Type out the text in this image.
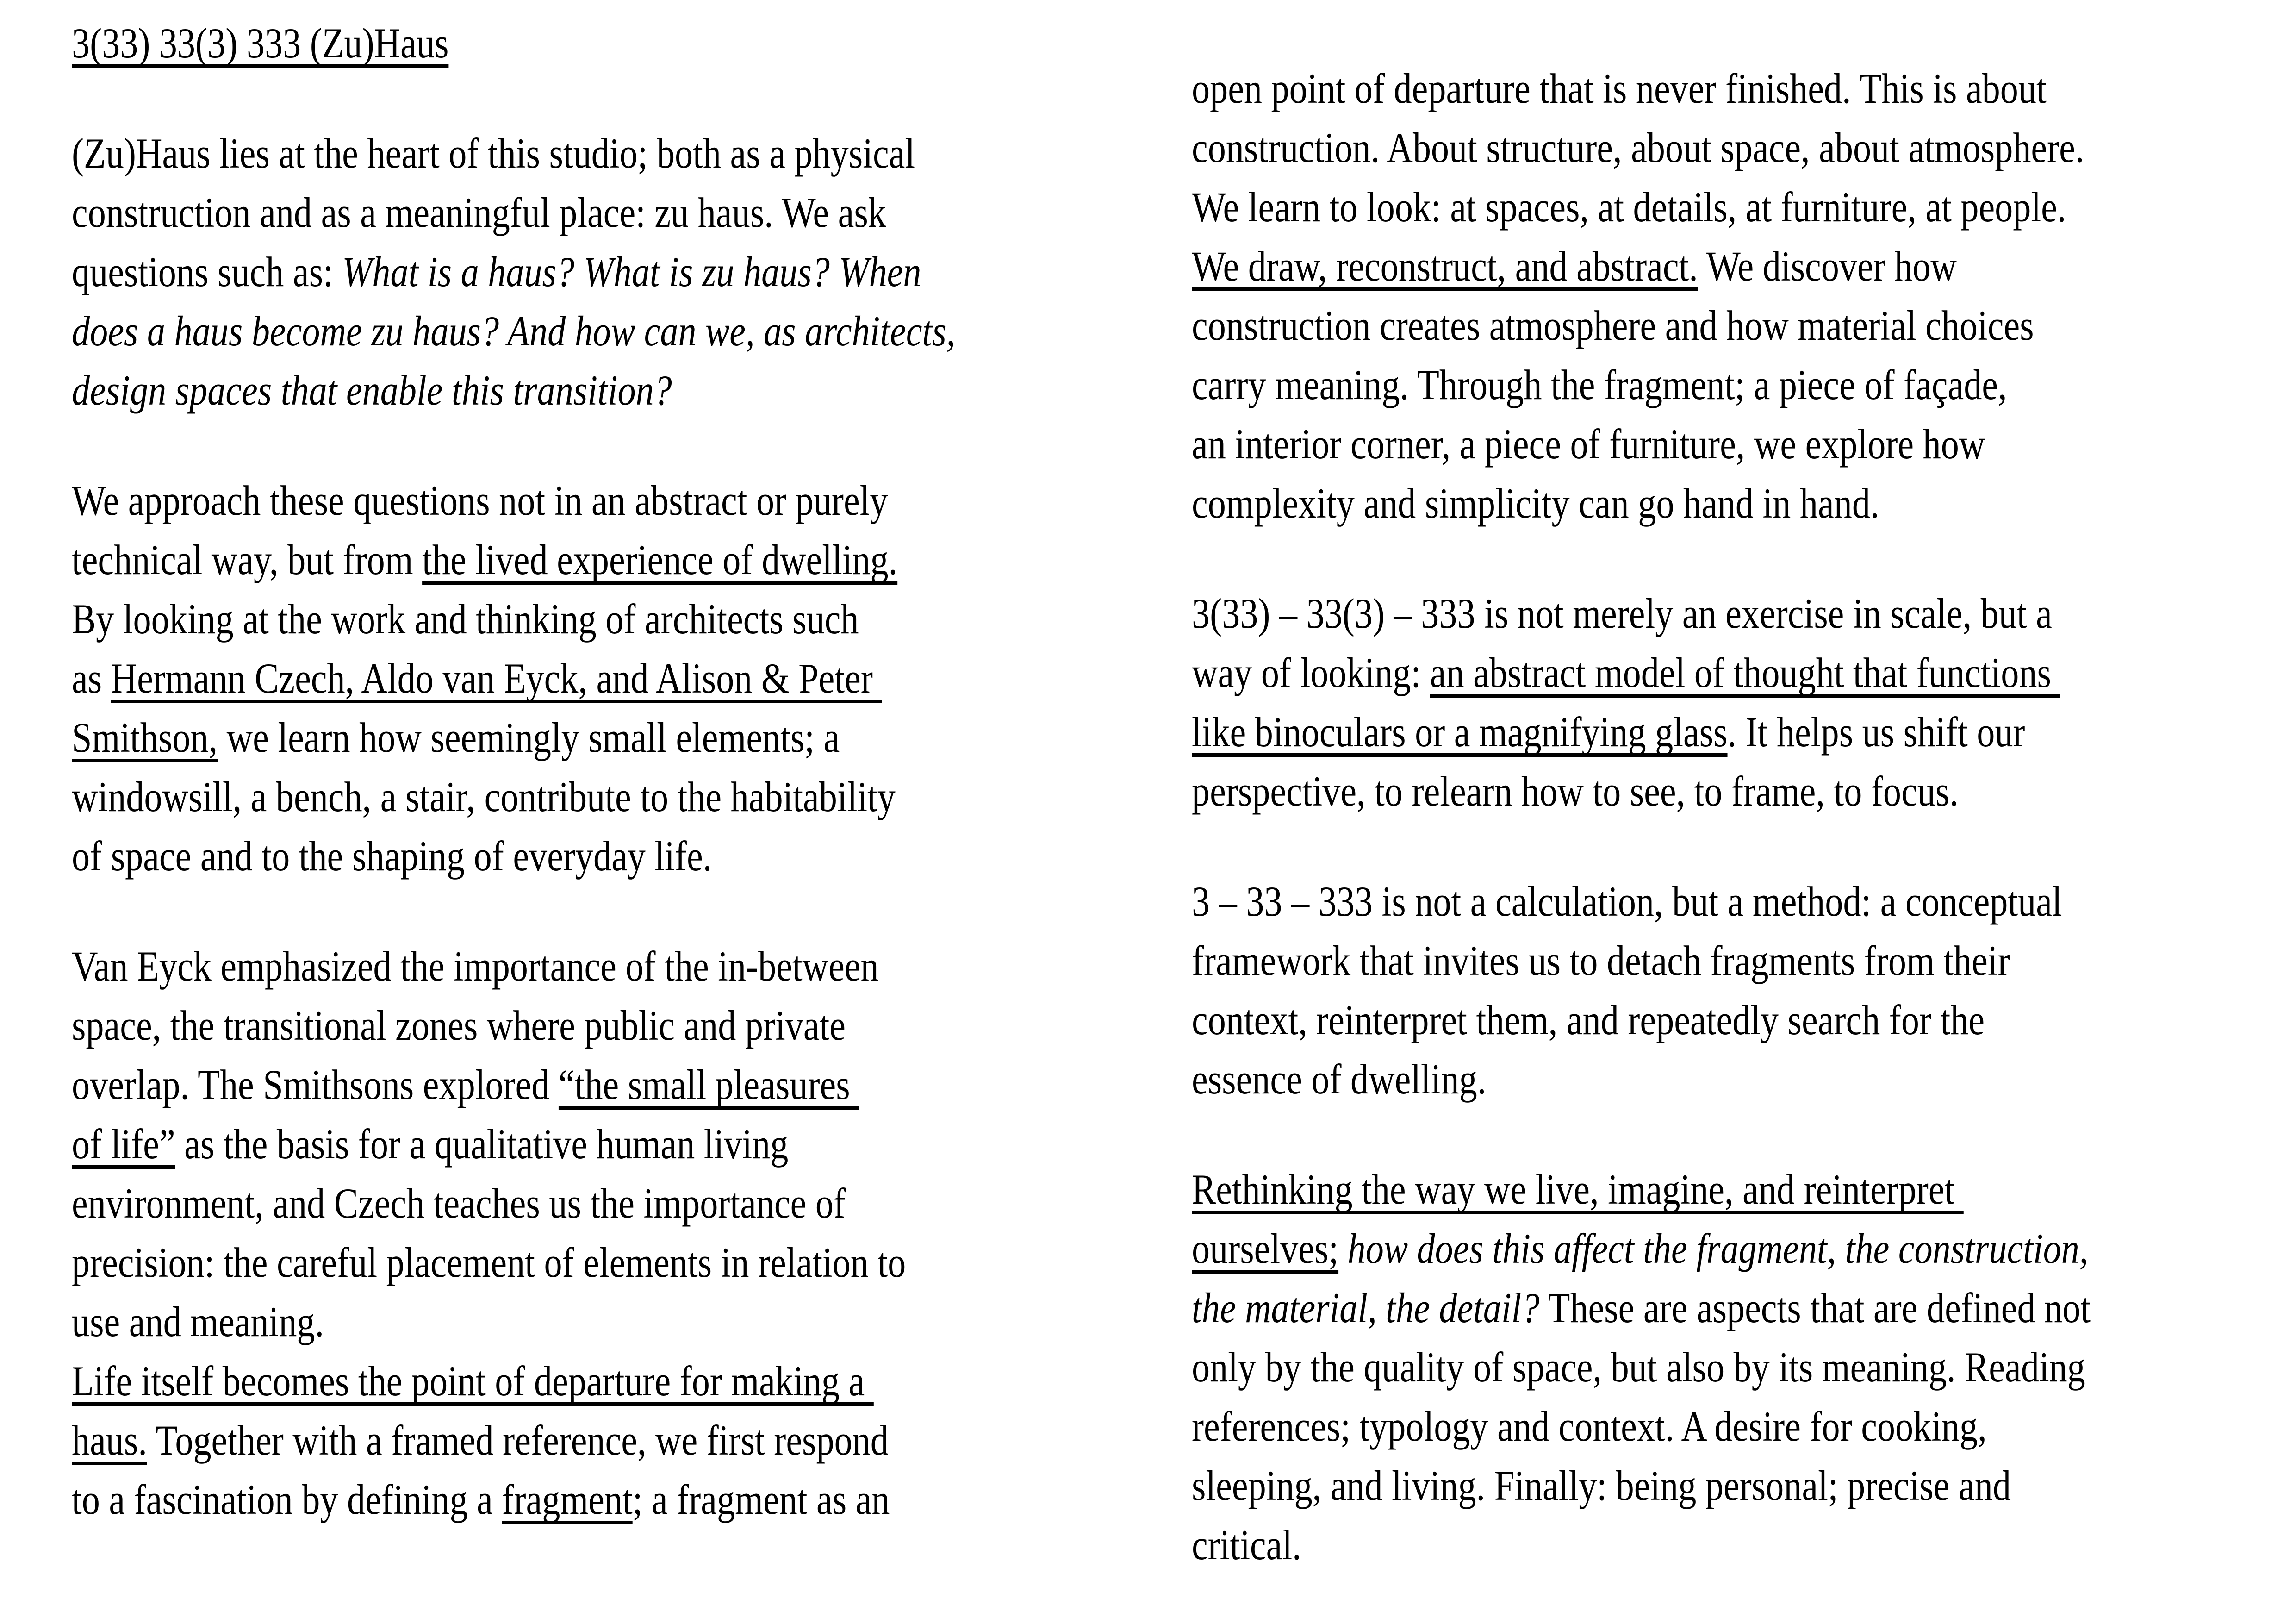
3(33) 33(3) 333 (Zu)Haus
(Zu)Haus lies at the heart of this studio; both as a physical
construction and as a meaningful place: zu haus. We ask
questions such as: What is a haus? What is zu haus? When
does a haus become zu haus? And how can we, as architects,
design spaces that enable this transition?
We approach these questions not in an abstract or purely
technical way, but from the lived experience of dwelling.
By looking at the work and thinking of architects such
as Hermann Czech, Aldo van Eyck, and Alison & Peter
Smithson, we learn how seemingly small elements; a
windowsill, a bench, a stair, contribute to the habitability
of space and to the shaping of everyday life.
Van Eyck emphasized the importance of the in-between
space, the transitional zones where public and private
overlap. The Smithsons explored “the small pleasures
of life” as the basis for a qualitative human living
environment, and Czech teaches us the importance of
precision: the careful placement of elements in relation to
use and meaning.
Life itself becomes the point of departure for making a
haus. Together with a framed reference, we first respond
to a fascination by defining a fragment; a fragment as an
open point of departure that is never finished. This is about
construction. About structure, about space, about atmosphere.
We learn to look: at spaces, at details, at furniture, at people.
We draw, reconstruct, and abstract. We discover how
construction creates atmosphere and how material choices
carry meaning. Through the fragment; a piece of façade,
an interior corner, a piece of furniture, we explore how
complexity and simplicity can go hand in hand.
3(33) – 33(3) – 333 is not merely an exercise in scale, but a
way of looking: an abstract model of thought that functions
like binoculars or a magnifying glass. It helps us shift our
perspective, to relearn how to see, to frame, to focus.
3 – 33 – 333 is not a calculation, but a method: a conceptual
framework that invites us to detach fragments from their
context, reinterpret them, and repeatedly search for the
essence of dwelling.
Rethinking the way we live, imagine, and reinterpret
ourselves; how does this affect the fragment, the construction,
the material, the detail? These are aspects that are defined not
only by the quality of space, but also by its meaning. Reading
references; typology and context. A desire for cooking,
sleeping, and living. Finally: being personal; precise and
critical.
